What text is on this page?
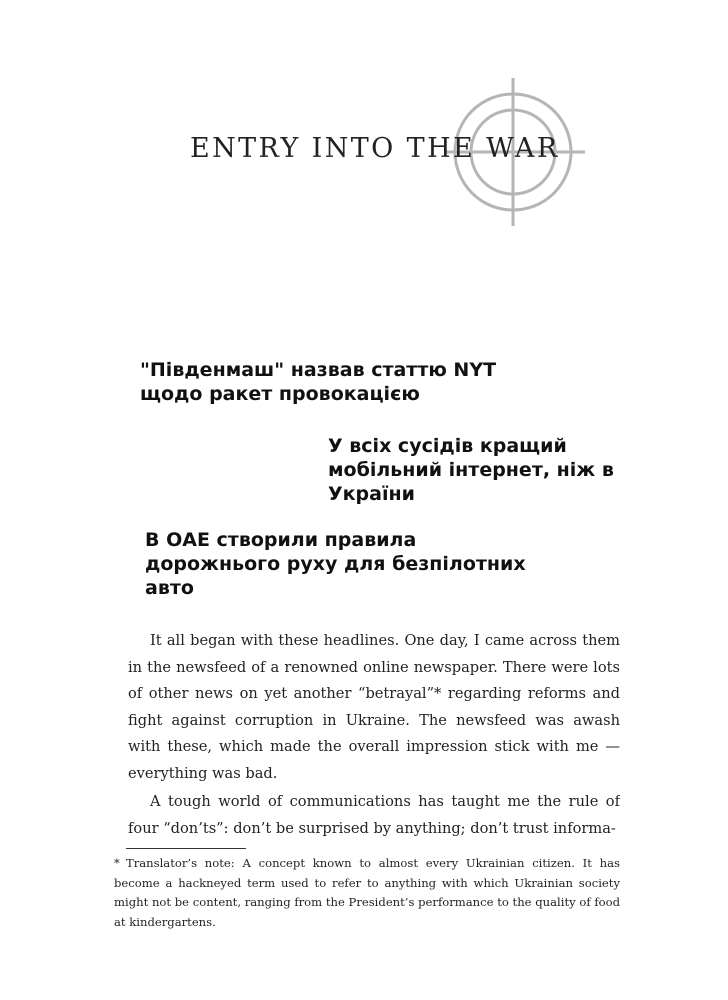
ENTRY INTO THE WAR
"Південмаш" назвав статтю NYT
щодо ракет провокацією
У всіх сусідів кращий
мобільний інтернет, ніж в
України
В ОАЕ створили правила
дорожнього руху для безпілотних
авто
It all began with these headlines. One day, I came across them in the newsfeed of a renowned online newspaper. There were lots of other news on yet another “betrayal”* regarding reforms and fight against corruption in Ukraine. The newsfeed was awash with these, which made the overall impression stick with me — everything was bad.
A tough world of communications has taught me the rule of four “don’ts”: don’t be surprised by anything; don’t trust informa-
* Translator’s note: A concept known to almost every Ukrainian citizen. It has become a hackneyed term used to refer to anything with which Ukrainian society might not be content, ranging from the President’s performance to the quality of food at kindergartens.
